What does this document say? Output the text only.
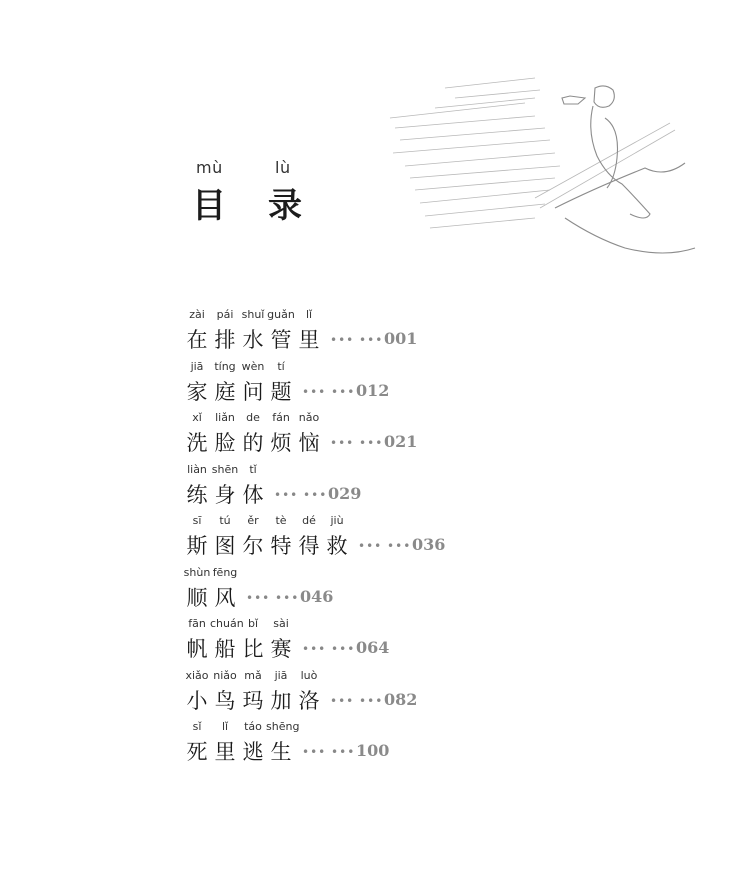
mù	lù
目 录
zài	pái shuǐ guǎn	lǐ
在 排 水 管 里 ••• ••• 001
jiā tíng wèn	tí
家 庭 问 题 ••• ••• 012
xǐ	liǎn	de	fán nǎo
洗 脸 的 烦 恼 ••• ••• 021
liàn shēn	tǐ
练 身 体 ••• ••• 029
sī	tú	ěr	tè	dé	jiù
斯 图 尔 特 得 救 ••• ••• 036
shùn fēng
顺 风 ••• ••• 046
fān chuán bǐ	sài
帆 船 比 赛 ••• ••• 064
xiǎo niǎo mǎ	jiā	luò
小 鸟 玛 加 洛 ••• ••• 082
sǐ	lǐ	táo shēng
死 里 逃 生 ••• ••• 100
